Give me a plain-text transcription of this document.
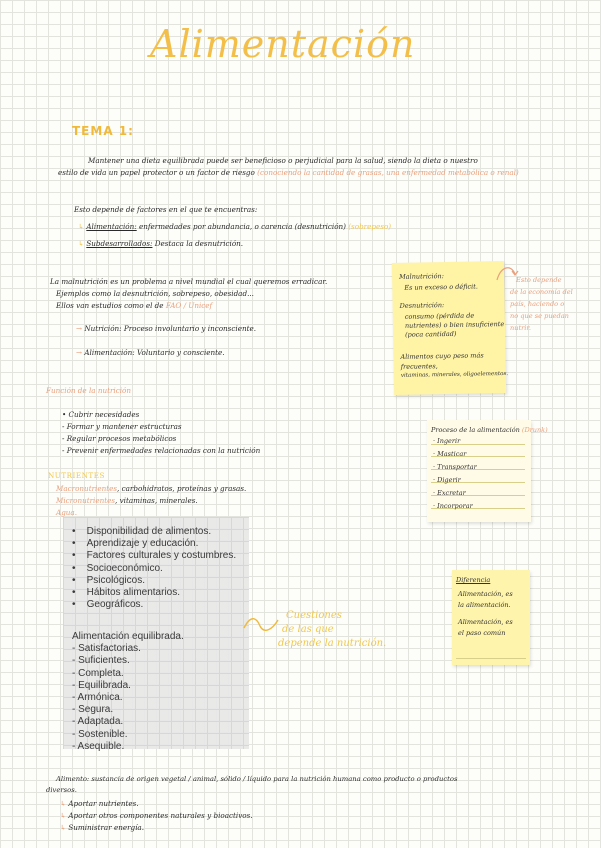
Alimentación
TEMA 1:
Mantener una dieta equilibrada puede ser beneficioso o perjudicial para la salud, siendo la dieta o nuestro
estilo de vida un papel protector o un factor de riesgo (conociendo la cantidad de grasas, una enfermedad metabólica o renal)
Esto depende de factores en el que te encuentras:
↳ Alimentación: enfermedades por abundancia, o carencia (desnutrición) (sobrepeso)
↳ Subdesarrollados: Destaca la desnutrición.
La malnutrición es un problema a nivel mundial el cual queremos erradicar.
Ejemplos como la desnutrición, sobrepeso, obesidad...
Ellos van estudios como el de FAO / Unicef
→ Nutrición: Proceso involuntario y inconsciente.
→ Alimentación: Voluntario y consciente.
Malnutrición:
Es un exceso o déficit.
Desnutrición:
consumo (pérdida de
nutrientes) o bien insuficiente
(poca cantidad)
Alimentos cuyo peso más
frecuentes,
vitaminas, minerales, oligoelementos.
Esto depende
de la economía del
país, haciendo o
no que se puedan
nutrir.
Función de la nutrición
• Cubrir necesidades
- Formar y mantener estructuras
- Regular procesos metabólicos
- Prevenir enfermedades relacionadas con la nutrición
NUTRIENTES
Macronutrientes, carbohidratos, proteínas y grasas.
Micronutrientes, vitaminas, minerales.
Agua.
Proceso de la alimentación (Drunk)
· Ingerir
· Masticar
· Transportar
· Digerir
· Excretar
· Incorporar
•    Disponibilidad de alimentos.
•    Aprendizaje y educación.
•    Factores culturales y costumbres.
•    Socioeconómico.
•    Psicológicos.
•    Hábitos alimentarios.
•    Geográficos.
Alimentación equilibrada.
- Satisfactorias.
- Suficientes.
- Completa.
- Equilibrada.
- Armónica.
- Segura.
- Adaptada.
- Sostenible.
- Asequible.
Cuestiones
de las que
depende la nutrición.
Diferencia
Alimentación, es
la alimentación.
Alimentación, es
el paso común
Alimento: sustancia de origen vegetal / animal, sólido / líquido para la nutrición humana como producto o productos
diversos.
↳ Aportar nutrientes.
↳ Aportar otros componentes naturales y bioactivos.
↳ Suministrar energía.
